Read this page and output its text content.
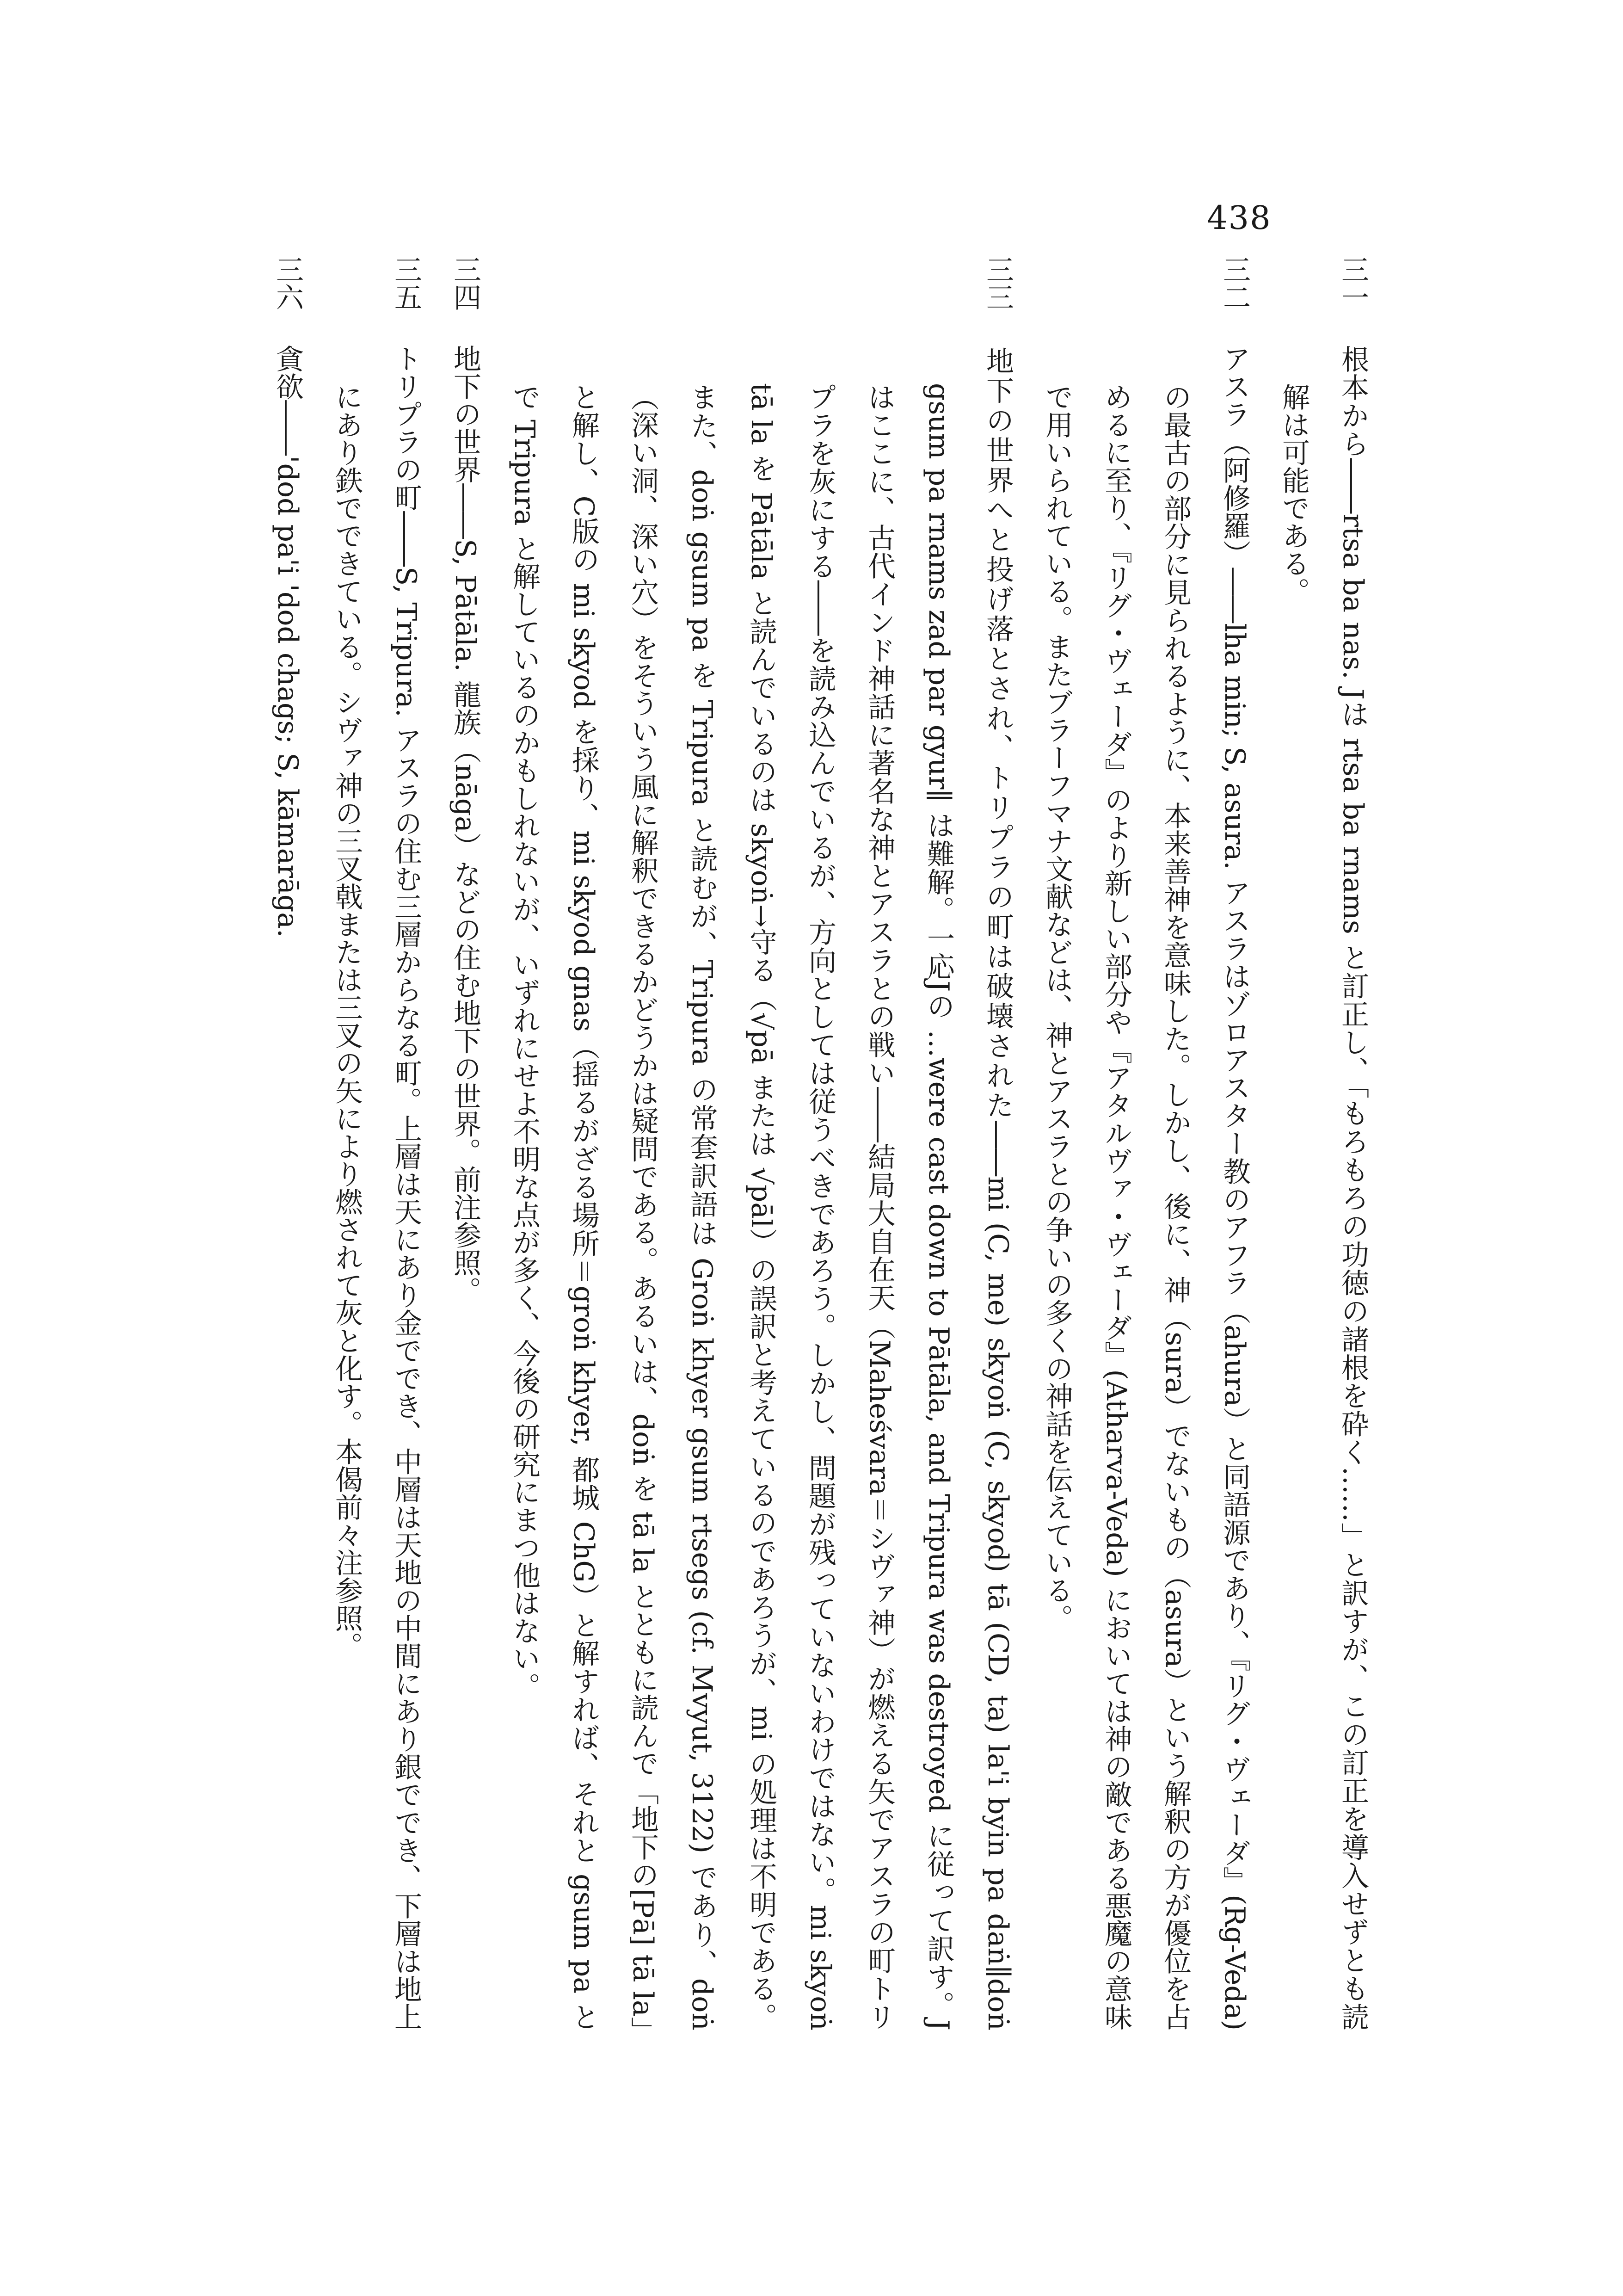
438

三一 根本から――rtsa ba nas. Jは rtsa ba rnams と訂正し、「もろもろの功徳の諸根を砕く……」と訳すが、この訂正を導入せずとも読解は可能である。

三二 アスラ（阿修羅）――lha min; S, asura. アスラはゾロアスター教のアフラ（ahura）と同語源であり、『リグ・ヴェーダ』(Rg-Veda) の最古の部分に見られるように、本来善神を意味した。しかし、後に、神（sura）でないもの（asura）という解釈の方が優位を占めるに至り、『リグ・ヴェーダ』のより新しい部分や『アタルヴァ・ヴェーダ』(Atharva-Veda) においては神の敵である悪魔の意味で用いられている。またブラーフマナ文献などは、神とアスラとの争いの多くの神話を伝えている。

三三 地下の世界へと投げ落とされ、トリプラの町は破壊された――mi (C, me) skyoṅ (C, skyod) tā (CD, ta) la'i byin pa daṅ∥doṅ gsum pa rnams zad par gyur∥ は難解。一応Jの …were cast down to Pātāla, and Tripura was destroyed に従って訳す。Jはここに、古代インド神話に著名な神とアスラとの戦い――結局大自在天（Maheśvara＝シヴァ神）が燃える矢でアスラの町トリプラを灰にする――を読み込んでいるが、方向としては従うべきであろう。しかし、問題が残っていないわけではない。mi skyoṅ tā la を Pātāla と読んでいるのは skyoṅ→守る（√pā または √pāl）の誤訳と考えているのであろうが、mi の処理は不明である。また、doṅ gsum pa を Tripura と読むが、Tripura の常套訳語は Groṅ khyer gsum rtsegs (cf. Mvyut, 3122) であり、doṅ（深い洞、深い穴）をそういう風に解釈できるかどうかは疑問である。あるいは、doṅ を tā la とともに読んで「地下の[Pā] tā la」と解し、C版の mi skyod を採り、mi skyod gnas（揺るがざる場所＝groṅ khyer, 都城 ChG）と解すれば、それと gsum pa とで Tripura と解しているのかもしれないが、いずれにせよ不明な点が多く、今後の研究にまつ他はない。

三四 地下の世界――S, Pātāla. 龍族（nāga）などの住む地下の世界。前注参照。

三五 トリプラの町――S, Tripura. アスラの住む三層からなる町。上層は天にあり金ででき、中層は天地の中間にあり銀ででき、下層は地上にあり鉄でできている。シヴァ神の三叉戟または三叉の矢により燃されて灰と化す。本偈前々注参照。

三六 貪欲――'dod pa'i 'dod chags; S, kāmarāga.
